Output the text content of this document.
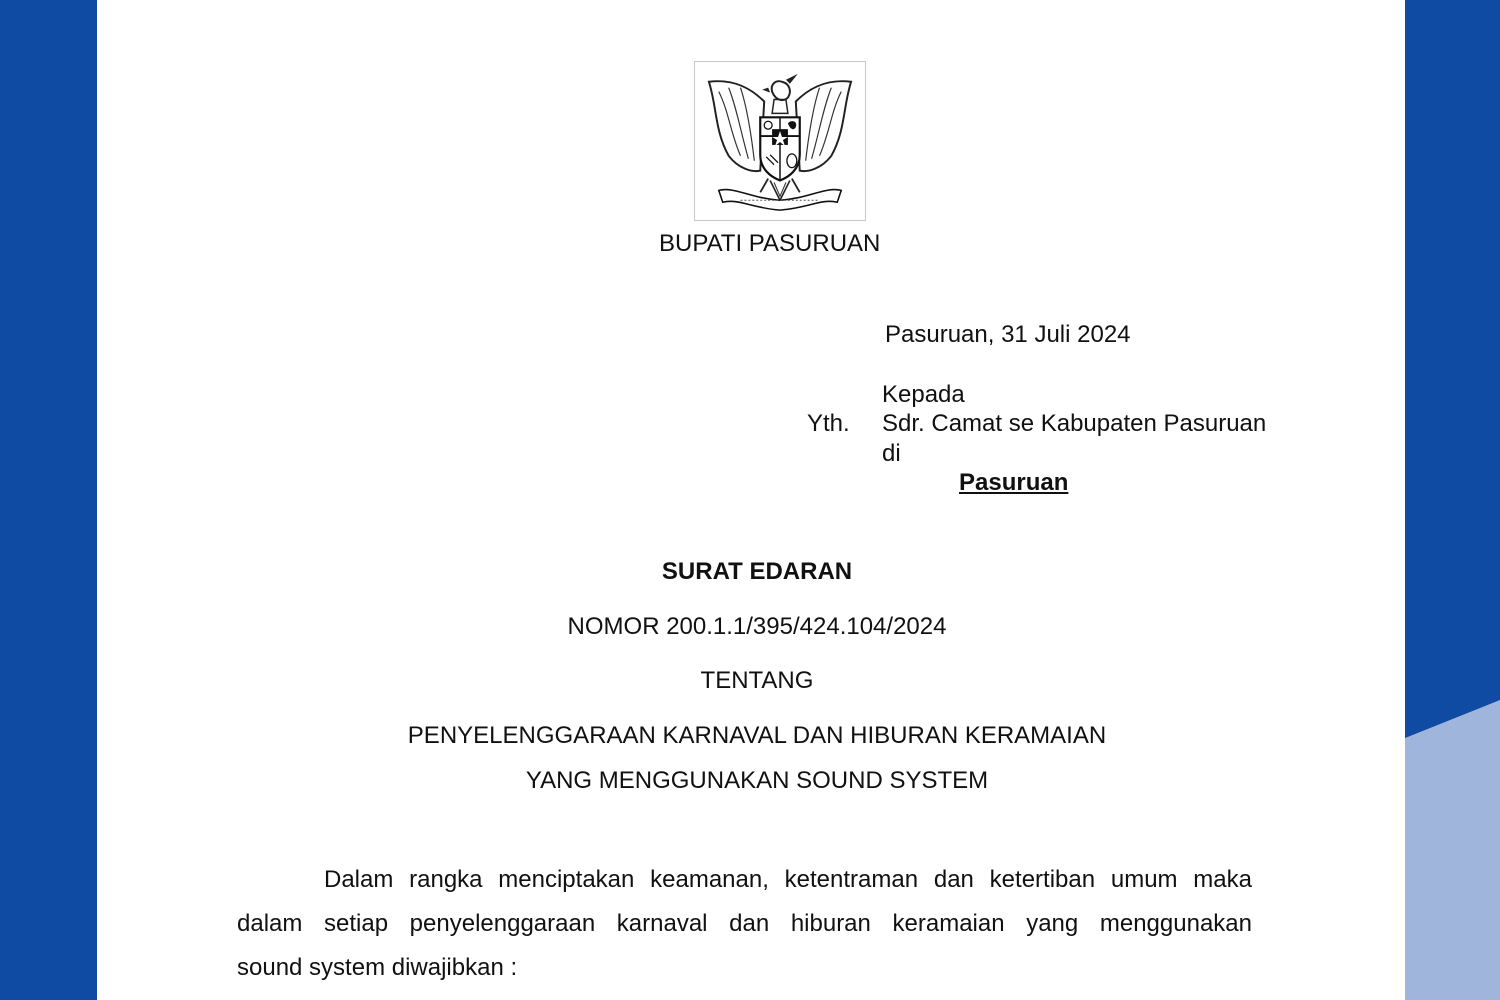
BUPATI PASURUAN
Pasuruan, 31 Juli 2024
Kepada
Yth. Sdr. Camat se Kabupaten Pasuruan
di
Pasuruan
SURAT EDARAN
NOMOR 200.1.1/395/424.104/2024
TENTANG
PENYELENGGARAAN KARNAVAL DAN HIBURAN KERAMAIAN
YANG MENGGUNAKAN SOUND SYSTEM
Dalam rangka menciptakan keamanan, ketentraman dan ketertiban umum maka
dalam setiap penyelenggaraan karnaval dan hiburan keramaian yang menggunakan
sound system diwajibkan :
